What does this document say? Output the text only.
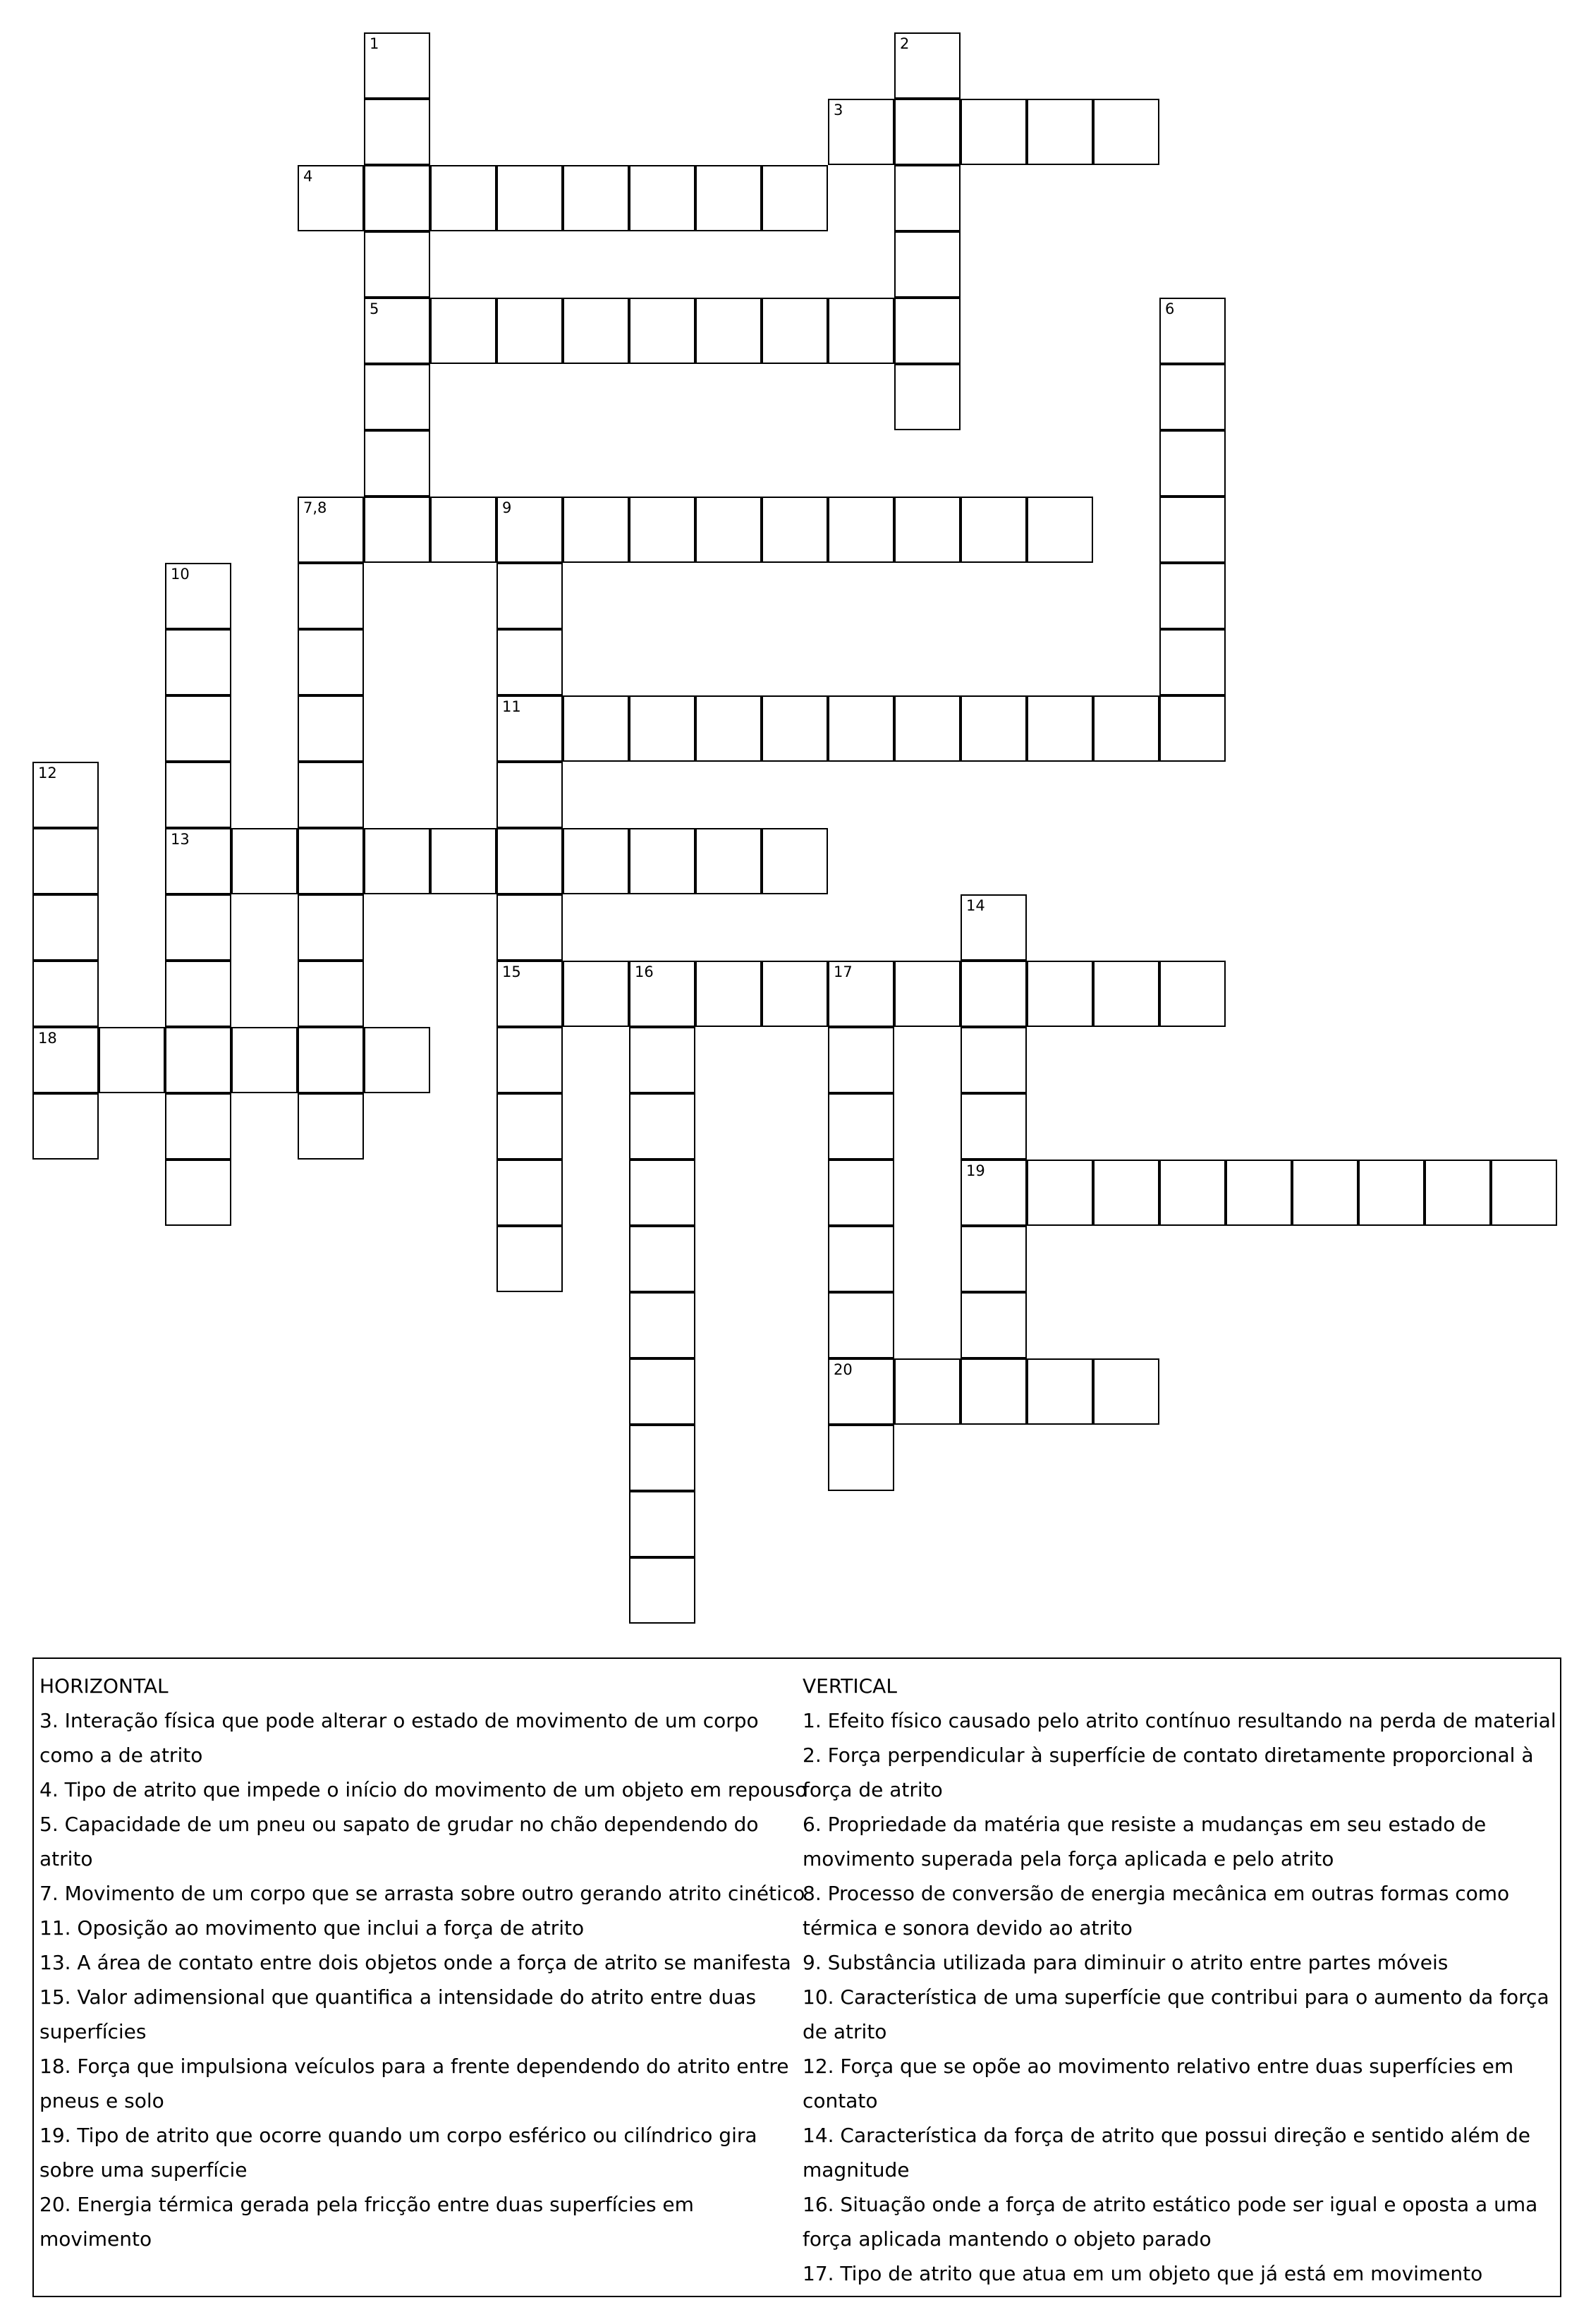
3
4
5
7,8	9
11
13
15	16	17
18
19
20
1	2
6
10
12
14
HORIZONTAL
3. Interação física que pode alterar o estado de movimento de um corpo como a de atrito
4. Tipo de atrito que impede o início do movimento de um objeto em repouso
5. Capacidade de um pneu ou sapato de grudar no chão dependendo do atrito
7. Movimento de um corpo que se arrasta sobre outro gerando atrito cinético
11. Oposição ao movimento que inclui a força de atrito
13. A área de contato entre dois objetos onde a força de atrito se manifesta
15. Valor adimensional que quantifica a intensidade do atrito entre duas superfícies
18. Força que impulsiona veículos para a frente dependendo do atrito entre pneus e solo
19. Tipo de atrito que ocorre quando um corpo esférico ou cilíndrico gira sobre uma superfície
20. Energia térmica gerada pela fricção entre duas superfícies em movimento
VERTICAL
1. Efeito físico causado pelo atrito contínuo resultando na perda de material
2. Força perpendicular à superfície de contato diretamente proporcional à força de atrito
6. Propriedade da matéria que resiste a mudanças em seu estado de movimento superada pela força aplicada e pelo atrito
8. Processo de conversão de energia mecânica em outras formas como térmica e sonora devido ao atrito
9. Substância utilizada para diminuir o atrito entre partes móveis
10. Característica de uma superfície que contribui para o aumento da força de atrito
12. Força que se opõe ao movimento relativo entre duas superfícies em contato
14. Característica da força de atrito que possui direção e sentido além de magnitude
16. Situação onde a força de atrito estático pode ser igual e oposta a uma força aplicada mantendo o objeto parado
17. Tipo de atrito que atua em um objeto que já está em movimento
